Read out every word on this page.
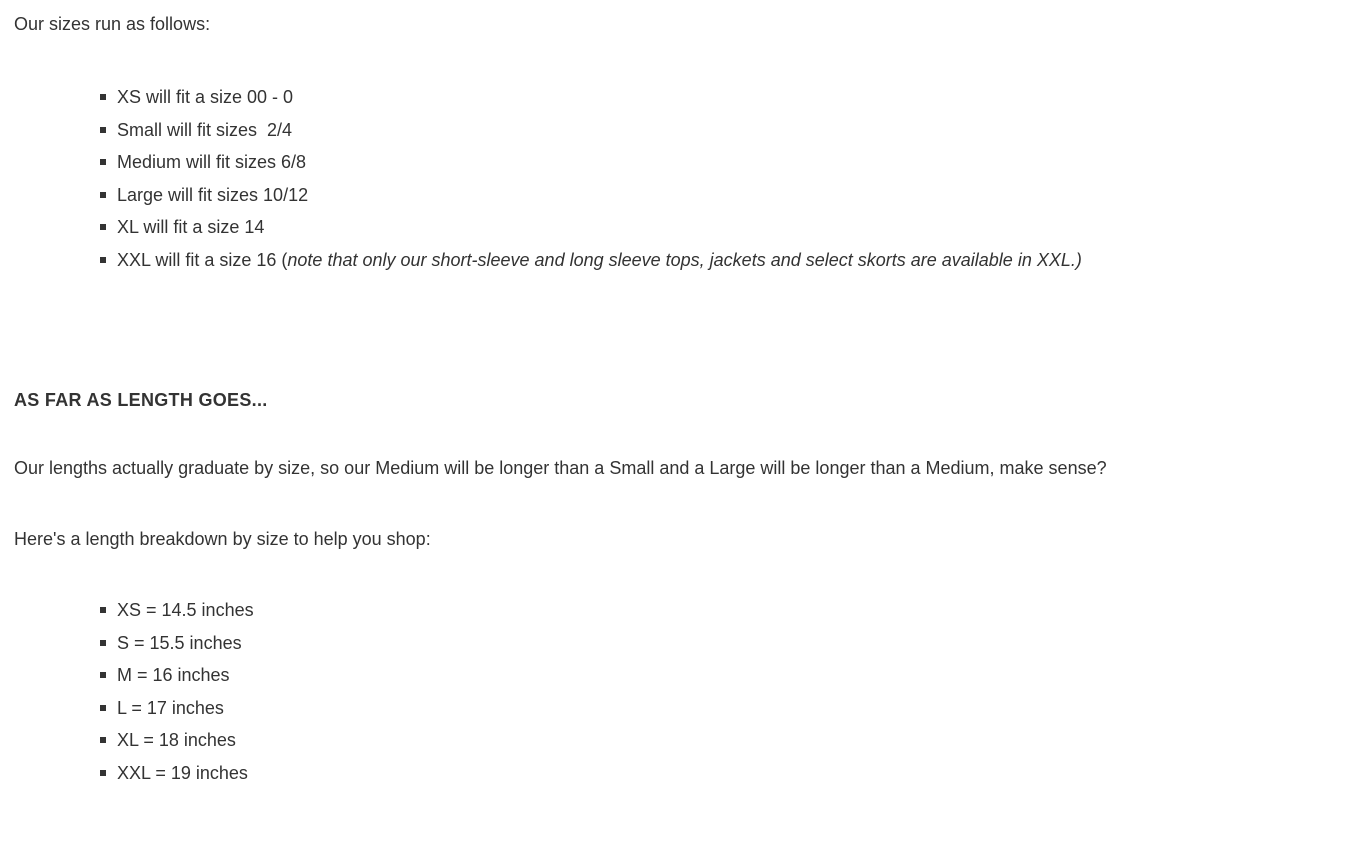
Our sizes run as follows:

XS will fit a size 00 - 0
Small will fit sizes  2/4
Medium will fit sizes 6/8
Large will fit sizes 10/12
XL will fit a size 14
XXL will fit a size 16 (note that only our short-sleeve and long sleeve tops, jackets and select skorts are available in XXL.)

AS FAR AS LENGTH GOES...

Our lengths actually graduate by size, so our Medium will be longer than a Small and a Large will be longer than a Medium, make sense?

Here's a length breakdown by size to help you shop:

XS = 14.5 inches
S = 15.5 inches
M = 16 inches
L = 17 inches
XL = 18 inches
XXL = 19 inches
